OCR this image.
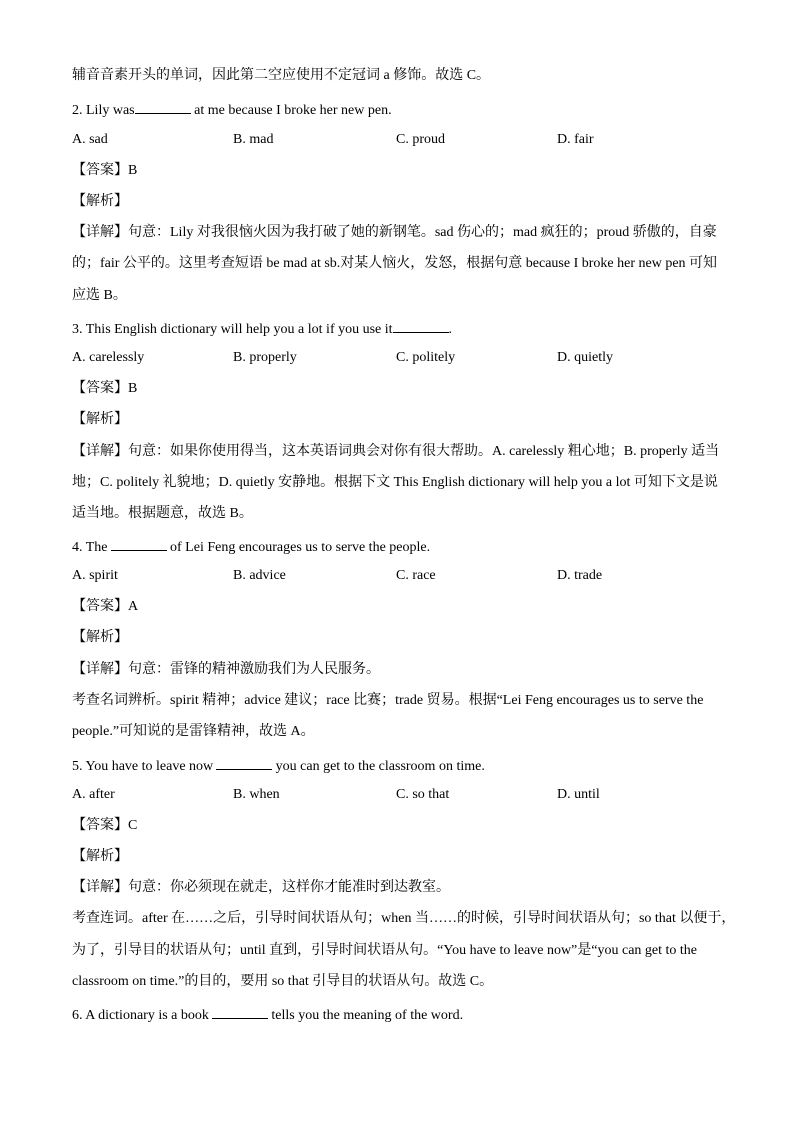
辅音音素开头的单词，因此第二空应使用不定冠词 a 修饰。故选 C。
2. Lily was	at me because I broke her new pen.
A. sad	B. mad	C. proud	D. fair
【答案】B
【解析】
【详解】句意：Lily 对我很恼火因为我打破了她的新钢笔。sad 伤心的；mad 疯狂的；proud 骄傲的，自豪
的；fair 公平的。这里考查短语 be mad at sb.对某人恼火，发怒，根据句意 because I broke her new pen 可知
应选 B。
3. This English dictionary will help you a lot if you use it	.
A. carelessly	B. properly	C. politely	D. quietly
【答案】B
【解析】
【详解】句意：如果你使用得当，这本英语词典会对你有很大帮助。A. carelessly 粗心地；B. properly 适当
地；C. politely 礼貌地；D. quietly 安静地。根据下文 This English dictionary will help you a lot 可知下文是说
适当地。根据题意，故选 B。
4. The	of Lei Feng encourages us to serve the people.
A. spirit	B. advice	C. race	D. trade
【答案】A
【解析】
【详解】句意：雷锋的精神激励我们为人民服务。
考查名词辨析。spirit 精神；advice 建议；race 比赛；trade 贸易。根据“Lei Feng encourages us to serve the
people.”可知说的是雷锋精神，故选 A。
5. You have to leave now	you can get to the classroom on time.
A. after	B. when	C. so that	D. until
【答案】C
【解析】
【详解】句意：你必须现在就走，这样你才能准时到达教室。
考查连词。after 在……之后，引导时间状语从句；when 当……的时候，引导时间状语从句；so that 以便于，
为了，引导目的状语从句；until 直到，引导时间状语从句。“You have to leave now”是“you can get to the
classroom on time.”的目的，要用 so that 引导目的状语从句。故选 C。
6. A dictionary is a book	tells you the meaning of the word.
